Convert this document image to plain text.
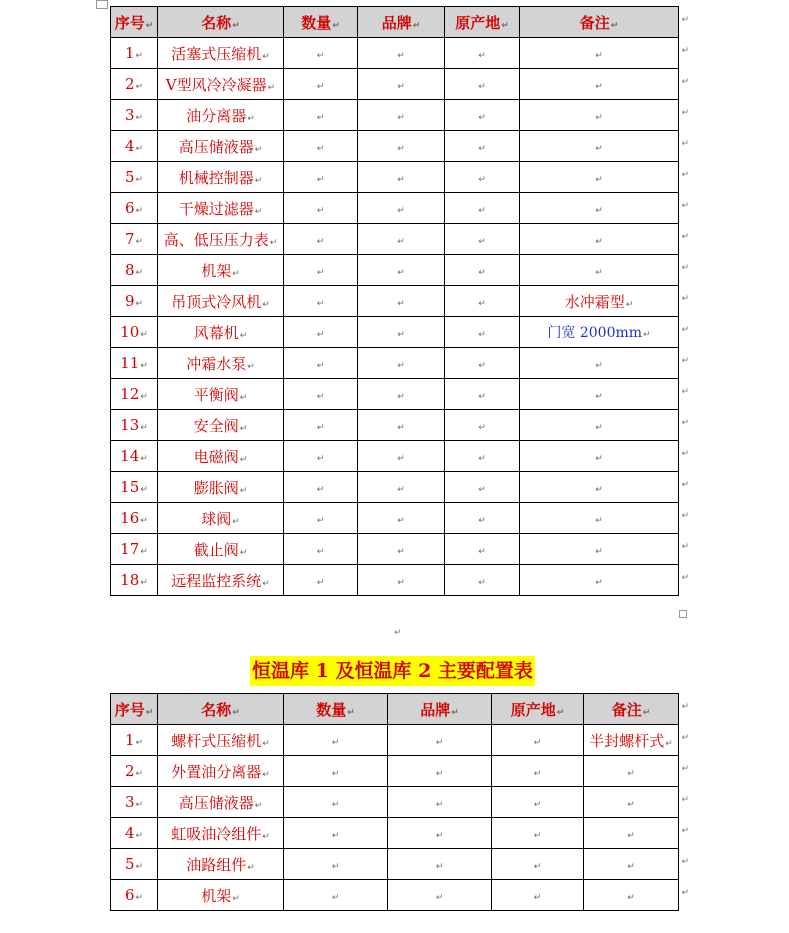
序号↵	名称↵	数量↵	品牌↵	原产地↵	备注↵
1↵	活塞式压缩机↵	↵	↵	↵	↵
2↵	V型风冷冷凝器↵	↵	↵	↵	↵
3↵	油分离器↵	↵	↵	↵	↵
4↵	高压储液器↵	↵	↵	↵	↵
5↵	机械控制器↵	↵	↵	↵	↵
6↵	干燥过滤器↵	↵	↵	↵	↵
7↵	高、低压压力表↵	↵	↵	↵	↵
8↵	机架↵	↵	↵	↵	↵
9↵	吊顶式冷风机↵	↵	↵	↵	水冲霜型↵
10↵	风幕机↵	↵	↵	↵	门宽 2000mm↵
11↵	冲霜水泵↵	↵	↵	↵	↵
12↵	平衡阀↵	↵	↵	↵	↵
13↵	安全阀↵	↵	↵	↵	↵
14↵	电磁阀↵	↵	↵	↵	↵
15↵	膨胀阀↵	↵	↵	↵	↵
16↵	球阀↵	↵	↵	↵	↵
17↵	截止阀↵	↵	↵	↵	↵
18↵	远程监控系统↵	↵	↵	↵	↵
↵
恒温库 1 及恒温库 2 主要配置表
序号↵	名称↵	数量↵	品牌↵	原产地↵	备注↵
1↵	螺杆式压缩机↵	↵	↵	↵	半封螺杆式↵
2↵	外置油分离器↵	↵	↵	↵	↵
3↵	高压储液器↵	↵	↵	↵	↵
4↵	虹吸油冷组件↵	↵	↵	↵	↵
5↵	油路组件↵	↵	↵	↵	↵
6↵	机架↵	↵	↵	↵	↵
↵
↵
↵
↵
↵
↵
↵
↵
↵
↵
↵
↵
↵
↵
↵
↵
↵
↵
↵
↵
↵
↵
↵
↵
↵
↵
